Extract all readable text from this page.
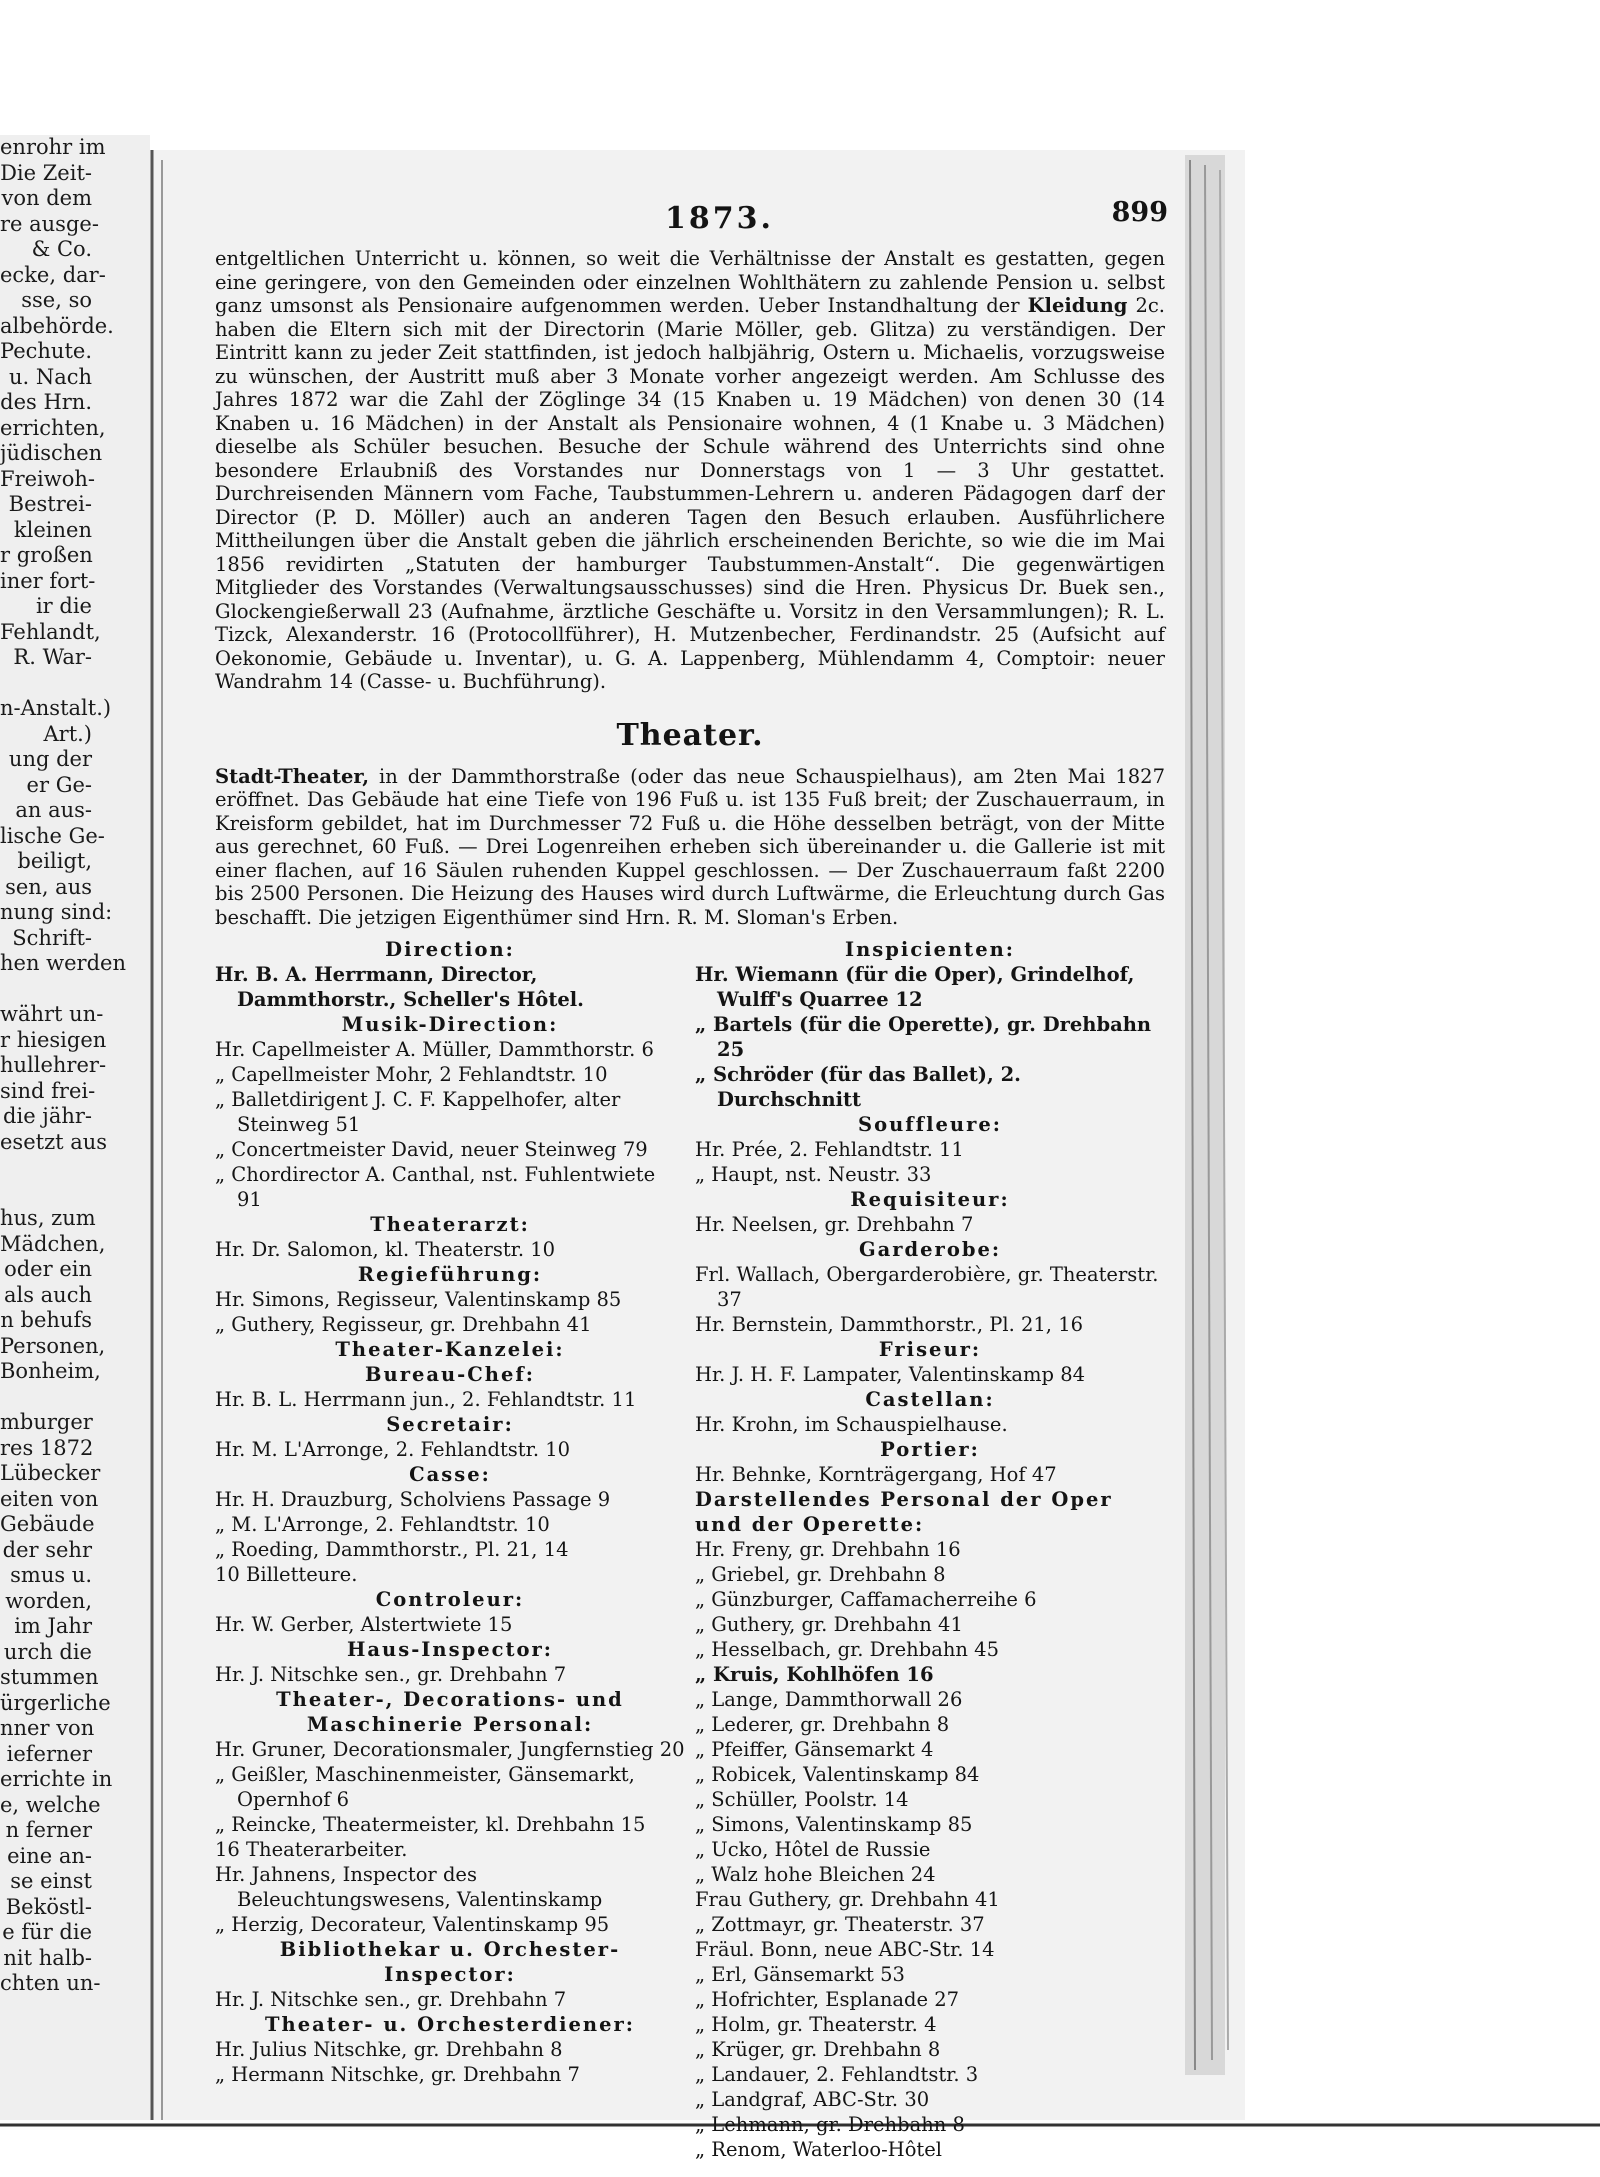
enrohr im
Die Zeit-
von dem
re ausge-
& Co.
ecke, dar-
sse, so
albehörde.
Pechute.
u. Nach
des Hrn.
errichten,
jüdischen
Freiwoh-
Bestrei-
kleinen
r großen
iner fort-
ir die
Fehlandt,
R. War-
n-Anstalt.)
Art.)
ung der
er Ge-
an aus-
lische Ge-
beiligt,
sen, aus
nung sind:
Schrift-
hen werden
währt un-
r hiesigen
hullehrer-
sind frei-
die jähr-
esetzt aus
hus, zum
Mädchen,
oder ein
als auch
n behufs
Personen,
Bonheim,
mburger
res 1872
Lübecker
eiten von
Gebäude
der sehr
smus u.
worden,
im Jahr
urch die
stummen
ürgerliche
nner von
ieferner
errichte in
e, welche
n ferner
eine an-
se einst
Beköstl-
e für die
nit halb-
chten un-
1873.	899
entgeltlichen Unterricht u. können, so weit die Verhältnisse der Anstalt es gestatten, gegen eine geringere, von den Gemeinden oder einzelnen Wohlthätern zu zahlende Pension u. selbst ganz umsonst als Pensionaire aufgenommen werden. Ueber Instandhaltung der Kleidung 2c. haben die Eltern sich mit der Directorin (Marie Möller, geb. Glitza) zu verständigen. Der Eintritt kann zu jeder Zeit stattfinden, ist jedoch halbjährig, Ostern u. Michaelis, vorzugsweise zu wünschen, der Austritt muß aber 3 Monate vorher angezeigt werden. Am Schlusse des Jahres 1872 war die Zahl der Zöglinge 34 (15 Knaben u. 19 Mädchen) von denen 30 (14 Knaben u. 16 Mädchen) in der Anstalt als Pensionaire wohnen, 4 (1 Knabe u. 3 Mädchen) dieselbe als Schüler besuchen. Besuche der Schule während des Unterrichts sind ohne besondere Erlaubniß des Vorstandes nur Donnerstags von 1 — 3 Uhr gestattet. Durchreisenden Männern vom Fache, Taubstummen-Lehrern u. anderen Pädagogen darf der Director (P. D. Möller) auch an anderen Tagen den Besuch erlauben. Ausführlichere Mittheilungen über die Anstalt geben die jährlich erscheinenden Berichte, so wie die im Mai 1856 revidirten „Statuten der hamburger Taubstummen-Anstalt“. Die gegenwärtigen Mitglieder des Vorstandes (Verwaltungsausschusses) sind die Hren. Physicus Dr. Buek sen., Glockengießerwall 23 (Aufnahme, ärztliche Geschäfte u. Vorsitz in den Versammlungen); R. L. Tizck, Alexanderstr. 16 (Protocollführer), H. Mutzenbecher, Ferdinandstr. 25 (Aufsicht auf Oekonomie, Gebäude u. Inventar), u. G. A. Lappenberg, Mühlendamm 4, Comptoir: neuer Wandrahm 14 (Casse- u. Buchführung).
Theater.
Stadt-Theater, in der Dammthorstraße (oder das neue Schauspielhaus), am 2ten Mai 1827 eröffnet. Das Gebäude hat eine Tiefe von 196 Fuß u. ist 135 Fuß breit; der Zuschauerraum, in Kreisform gebildet, hat im Durchmesser 72 Fuß u. die Höhe desselben beträgt, von der Mitte aus gerechnet, 60 Fuß. — Drei Logenreihen erheben sich übereinander u. die Gallerie ist mit einer flachen, auf 16 Säulen ruhenden Kuppel geschlossen. — Der Zuschauerraum faßt 2200 bis 2500 Personen. Die Heizung des Hauses wird durch Luftwärme, die Erleuchtung durch Gas beschafft. Die jetzigen Eigenthümer sind Hrn. R. M. Sloman's Erben.
Direction:
Hr. B. A. Herrmann, Director, Dammthorstr., Scheller's Hôtel.
Musik-Direction:
Hr. Capellmeister A. Müller, Dammthorstr. 6
„ Capellmeister Mohr, 2 Fehlandtstr. 10
„ Balletdirigent J. C. F. Kappelhofer, alter Steinweg 51
„ Concertmeister David, neuer Steinweg 79
„ Chordirector A. Canthal, nst. Fuhlentwiete 91
Theaterarzt:
Hr. Dr. Salomon, kl. Theaterstr. 10
Regieführung:
Hr. Simons, Regisseur, Valentinskamp 85
„ Guthery, Regisseur, gr. Drehbahn 41
Theater-Kanzelei:
Bureau-Chef:
Hr. B. L. Herrmann jun., 2. Fehlandtstr. 11
Secretair:
Hr. M. L'Arronge, 2. Fehlandtstr. 10
Casse:
Hr. H. Drauzburg, Scholviens Passage 9
„ M. L'Arronge, 2. Fehlandtstr. 10
„ Roeding, Dammthorstr., Pl. 21, 14
10 Billetteure.
Controleur:
Hr. W. Gerber, Alstertwiete 15
Haus-Inspector:
Hr. J. Nitschke sen., gr. Drehbahn 7
Theater-, Decorations- und Maschinerie Personal:
Hr. Gruner, Decorationsmaler, Jungfernstieg 20
„ Geißler, Maschinenmeister, Gänsemarkt, Opernhof 6
„ Reincke, Theatermeister, kl. Drehbahn 15
16 Theaterarbeiter.
Hr. Jahnens, Inspector des Beleuchtungswesens, Valentinskamp
„ Herzig, Decorateur, Valentinskamp 95
Bibliothekar u. Orchester-Inspector:
Hr. J. Nitschke sen., gr. Drehbahn 7
Theater- u. Orchesterdiener:
Hr. Julius Nitschke, gr. Drehbahn 8
„ Hermann Nitschke, gr. Drehbahn 7
Inspicienten:
Hr. Wiemann (für die Oper), Grindelhof, Wulff's Quarree 12
„ Bartels (für die Operette), gr. Drehbahn 25
„ Schröder (für das Ballet), 2. Durchschnitt
Souffleure:
Hr. Prée, 2. Fehlandtstr. 11
„ Haupt, nst. Neustr. 33
Requisiteur:
Hr. Neelsen, gr. Drehbahn 7
Garderobe:
Frl. Wallach, Obergarderobière, gr. Theaterstr. 37
Hr. Bernstein, Dammthorstr., Pl. 21, 16
Friseur:
Hr. J. H. F. Lampater, Valentinskamp 84
Castellan:
Hr. Krohn, im Schauspielhause.
Portier:
Hr. Behnke, Kornträgergang, Hof 47
Darstellendes Personal der Oper und der Operette:
Hr. Freny, gr. Drehbahn 16
„ Griebel, gr. Drehbahn 8
„ Günzburger, Caffamacherreihe 6
„ Guthery, gr. Drehbahn 41
„ Hesselbach, gr. Drehbahn 45
„ Kruis, Kohlhöfen 16
„ Lange, Dammthorwall 26
„ Lederer, gr. Drehbahn 8
„ Pfeiffer, Gänsemarkt 4
„ Robicek, Valentinskamp 84
„ Schüller, Poolstr. 14
„ Simons, Valentinskamp 85
„ Ucko, Hôtel de Russie
„ Walz hohe Bleichen 24
Frau Guthery, gr. Drehbahn 41
„ Zottmayr, gr. Theaterstr. 37
Fräul. Bonn, neue ABC-Str. 14
„ Erl, Gänsemarkt 53
„ Hofrichter, Esplanade 27
„ Holm, gr. Theaterstr. 4
„ Krüger, gr. Drehbahn 8
„ Landauer, 2. Fehlandtstr. 3
„ Landgraf, ABC-Str. 30
„ Lehmann, gr. Drehbahn 8
„ Renom, Waterloo-Hôtel
